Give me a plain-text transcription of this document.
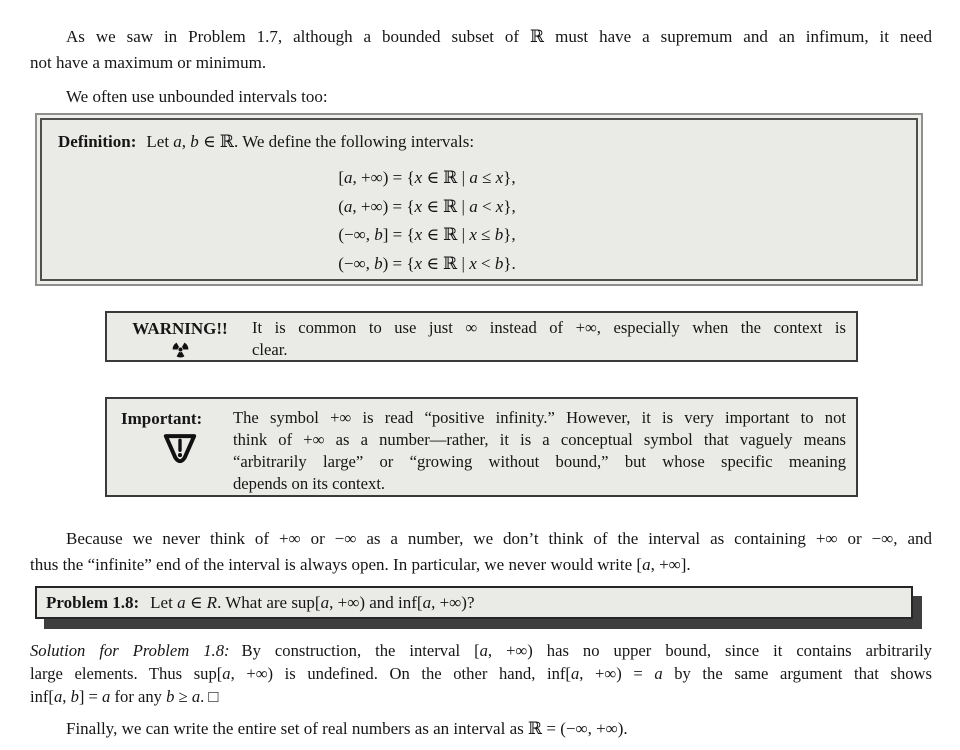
As we saw in Problem 1.7, although a bounded subset of ℝ must have a supremum and an infimum, it need
not have a maximum or minimum.
We often use unbounded intervals too:
Definition: Let a, b ∈ ℝ. We define the following intervals:
[a, +∞) = {x ∈ ℝ | a ≤ x},
(a, +∞) = {x ∈ ℝ | a < x},
(−∞, b] = {x ∈ ℝ | x ≤ b},
(−∞, b) = {x ∈ ℝ | x < b}.
WARNING!!	It is common to use just ∞ instead of +∞, especially when the context is
clear.
Important:	The symbol +∞ is read “positive infinity.” However, it is very important to not
think of +∞ as a number—rather, it is a conceptual symbol that vaguely means
“arbitrarily large” or “growing without bound,” but whose specific meaning
depends on its context.
Because we never think of +∞ or −∞ as a number, we don’t think of the interval as containing +∞ or −∞, and
thus the “infinite” end of the interval is always open. In particular, we never would write [a, +∞].
Problem 1.8: Let a ∈ R. What are sup[a, +∞) and inf[a, +∞)?
Solution for Problem 1.8: By construction, the interval [a, +∞) has no upper bound, since it contains arbitrarily
large elements. Thus sup[a, +∞) is undefined. On the other hand, inf[a, +∞) = a by the same argument that shows
inf[a, b] = a for any b ≥ a. □
Finally, we can write the entire set of real numbers as an interval as ℝ = (−∞, +∞).
